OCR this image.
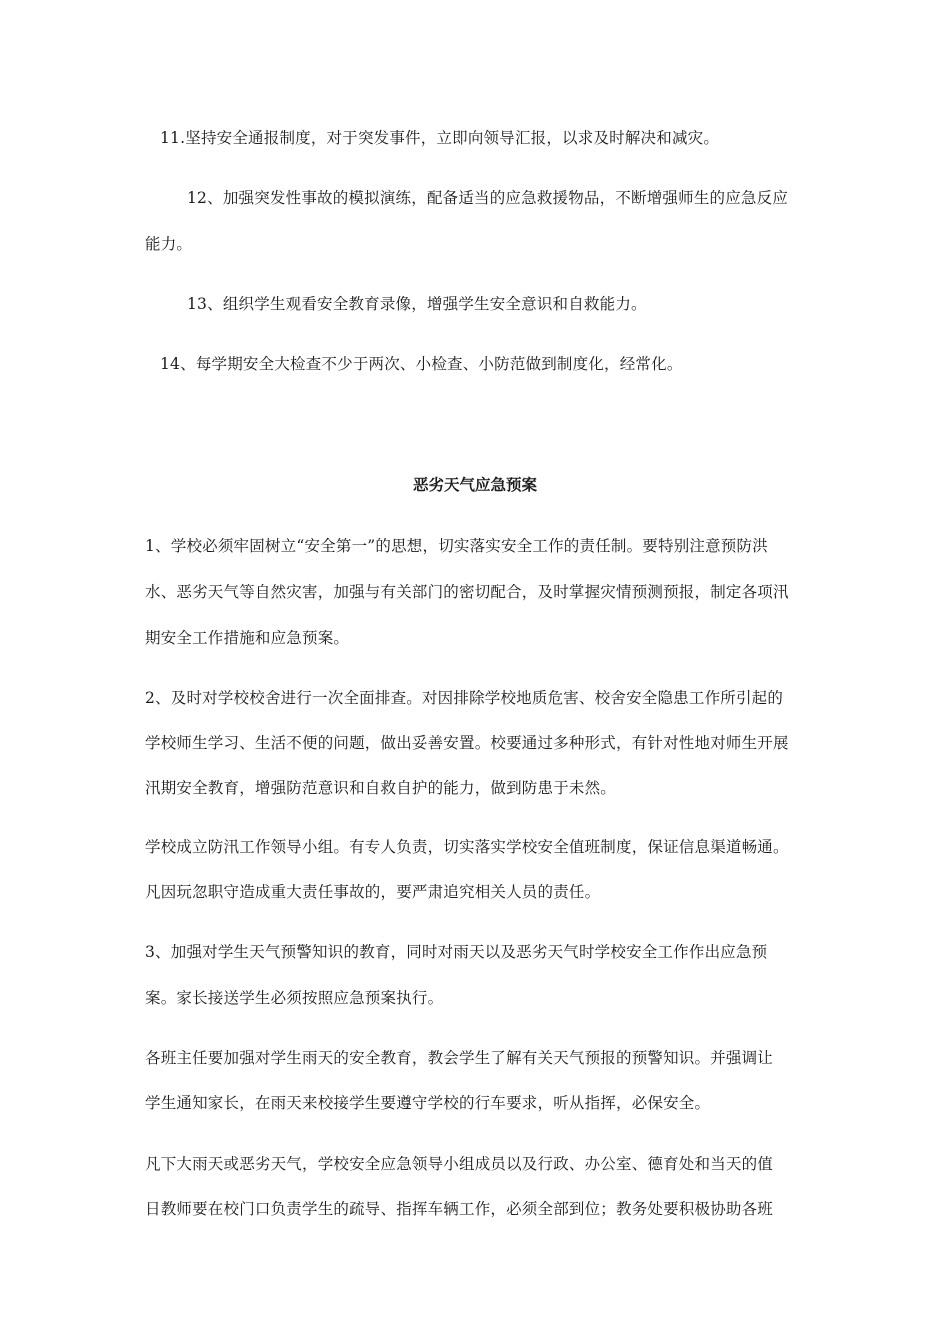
11.坚持安全通报制度，对于突发事件，立即向领导汇报，以求及时解决和减灾。
12、加强突发性事故的模拟演练，配备适当的应急救援物品，不断增强师生的应急反应
能力。
13、组织学生观看安全教育录像，增强学生安全意识和自救能力。
14、每学期安全大检查不少于两次、小检查、小防范做到制度化，经常化。
恶劣天气应急预案
1、学校必须牢固树立“安全第一”的思想，切实落实安全工作的责任制。要特别注意预防洪
水、恶劣天气等自然灾害，加强与有关部门的密切配合，及时掌握灾情预测预报，制定各项汛
期安全工作措施和应急预案。
2、及时对学校校舍进行一次全面排查。对因排除学校地质危害、校舍安全隐患工作所引起的
学校师生学习、生活不便的问题，做出妥善安置。校要通过多种形式，有针对性地对师生开展
汛期安全教育，增强防范意识和自救自护的能力，做到防患于未然。
学校成立防汛工作领导小组。有专人负责，切实落实学校安全值班制度，保证信息渠道畅通。
凡因玩忽职守造成重大责任事故的，要严肃追究相关人员的责任。
3、加强对学生天气预警知识的教育，同时对雨天以及恶劣天气时学校安全工作作出应急预
案。家长接送学生必须按照应急预案执行。
各班主任要加强对学生雨天的安全教育，教会学生了解有关天气预报的预警知识。并强调让
学生通知家长，在雨天来校接学生要遵守学校的行车要求，听从指挥，必保安全。
凡下大雨天或恶劣天气，学校安全应急领导小组成员以及行政、办公室、德育处和当天的值
日教师要在校门口负责学生的疏导、指挥车辆工作，必须全部到位；教务处要积极协助各班
